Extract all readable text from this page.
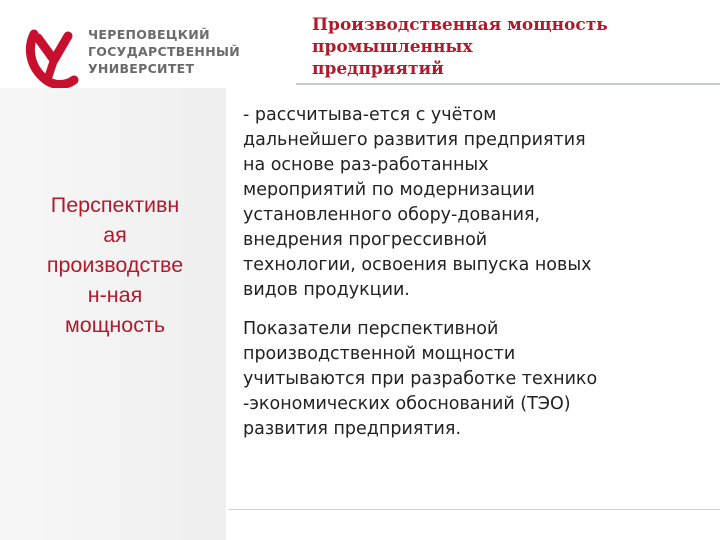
ЧЕРЕПОВЕЦКИЙ
ГОСУДАРСТВЕННЫЙ
УНИВЕРСИТЕТ
Производственная мощность
промышленных
предприятий
Перспективн
ая
производстве
н-ная
мощность
- рассчитыва-ется с учётом
дальнейшего развития предприятия
на основе раз-работанных
мероприятий по модернизации
установленного обору-дования,
внедрения прогрессивной
технологии, освоения выпуска новых
видов продукции.
Показатели перспективной
производственной мощности
учитываются при разработке технико
-экономических обоснований (ТЭО)
развития предприятия.
